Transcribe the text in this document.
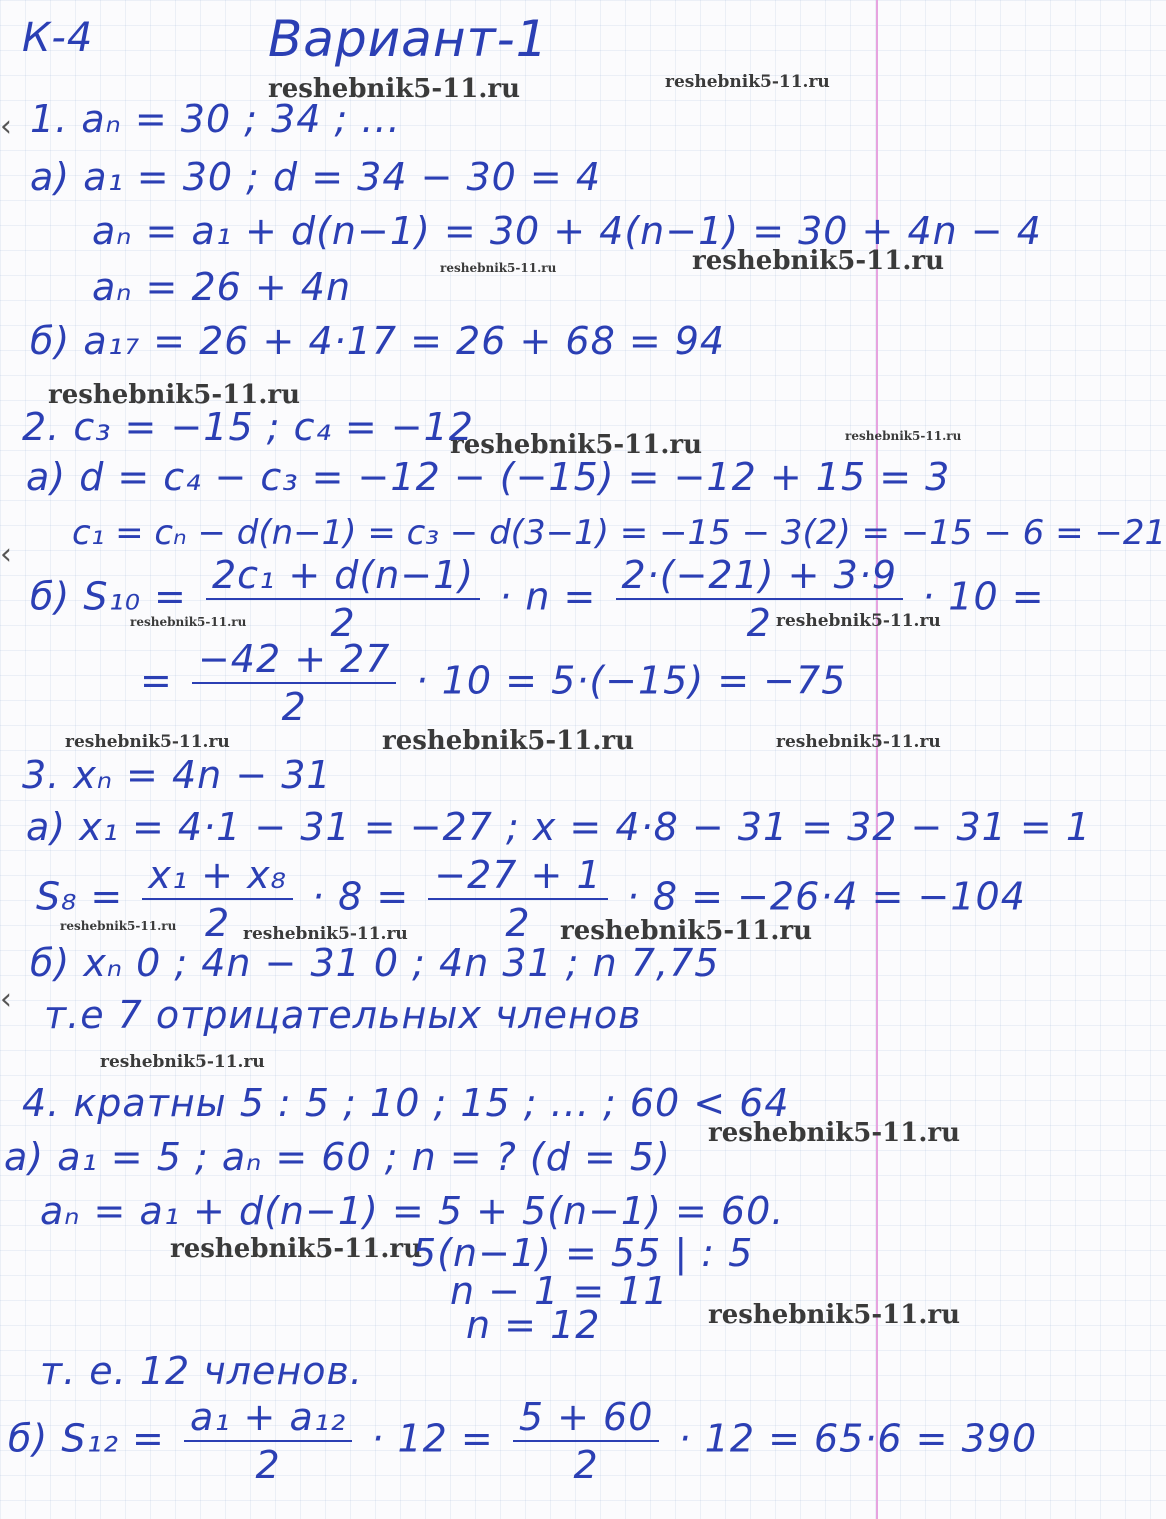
‹
‹
‹
К-4	Вариант-1
reshebnik5-11.ru	reshebnik5-11.ru
reshebnik5-11.ru	reshebnik5-11.ru
reshebnik5-11.ru
reshebnik5-11.ru	reshebnik5-11.ru
reshebnik5-11.ru	reshebnik5-11.ru
reshebnik5-11.ru	reshebnik5-11.ru	reshebnik5-11.ru
reshebnik5-11.ru	reshebnik5-11.ru	reshebnik5-11.ru
reshebnik5-11.ru
reshebnik5-11.ru
reshebnik5-11.ru
reshebnik5-11.ru
1. aₙ = 30 ; 34 ; ...
а) a₁ = 30 ; d = 34 − 30 = 4
aₙ = a₁ + d(n−1) = 30 + 4(n−1) = 30 + 4n − 4
aₙ = 26 + 4n
б) a₁₇ = 26 + 4·17 = 26 + 68 = 94
2. c₃ = −15 ; c₄ = −12
а) d = c₄ − c₃ = −12 − (−15) = −12 + 15 = 3
c₁ = cₙ − d(n−1) = c₃ − d(3−1) = −15 − 3(2) = −15 − 6 = −21
б) $S_{10} = \frac{\text{2c₁ + d(n−1)}}{2} \cdot n = \frac{2\cdot(-21) + 3\cdot 9}{2} \cdot 10$ =
= $\frac{-42 + 27}{2} \cdot 10 = 5\cdot(-15) = -75$
3. xₙ = 4n − 31
а) x₁ = 4·1 − 31 = −27 ; x = 4·8 − 31 = 32 − 31 = 1
$S_8 = \frac{\text{x₁ + x₈}}{2} \cdot 8 = \frac{-27 + 1}{2} \cdot 8 = -26\cdot 4 = -104$
б) xₙ 0 ; 4n − 31 0 ; 4n 31 ; n 7,75
т.е 7 отрицательных членов
4. кратны 5 : 5 ; 10 ; 15 ; ... ; 60 < 64
а) a₁ = 5 ; aₙ = 60 ; n = ? (d = 5)
aₙ = a₁ + d(n−1) = 5 + 5(n−1) = 60.
5(n−1) = 55 | : 5
n − 1 = 11
n = 12
т. е. 12 членов.
б) $S_{12} = \frac{\text{a₁ + a₁₂}}{2} \cdot 12 = \frac{5 + 60}{2} \cdot 12 = 65\cdot 6 = 390$
